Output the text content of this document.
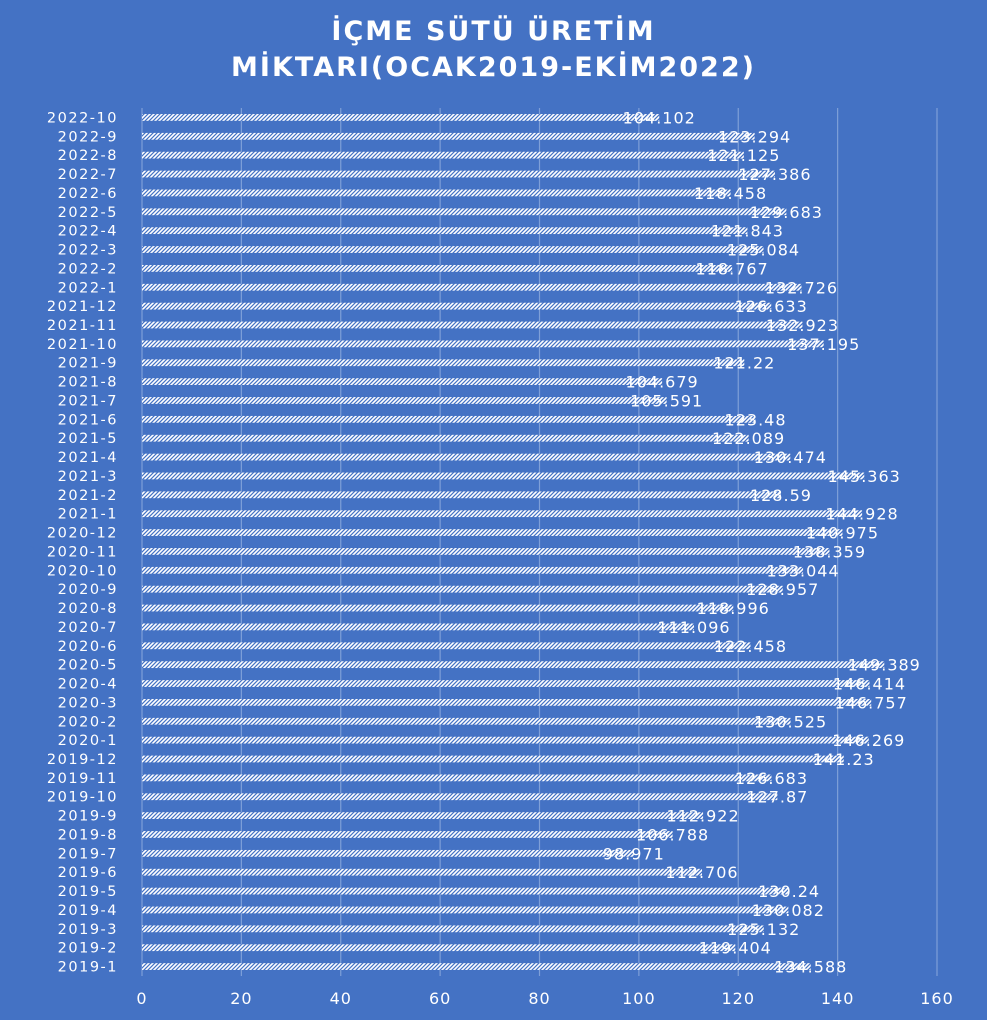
İÇME SÜTÜ ÜRETİM
MİKTARI(OCAK2019-EKİM2022)
2019-1
2019-2
2019-3
2019-4
2019-5
2019-6
2019-7
2019-8
2019-9
2019-10
2019-11
2019-12
2020-1
2020-2
2020-3
2020-4
2020-5
2020-6
2020-7
2020-8
2020-9
2020-10
2020-11
2020-12
2021-1
2021-2
2021-3
2021-4
2021-5
2021-6
2021-7
2021-8
2021-9
2021-10
2021-11
2021-12
2022-1
2022-2
2022-3
2022-4
2022-5
2022-6
2022-7
2022-8
2022-9
2022-10
134.588
119.404
125.132
130.082
130.24
112.706
98.971
106.788
112.922
127.87
126.683
141.23
146.269
130.525
146.757
146.414
149.389
122.458
111.096
118.996
128.957
133.044
138.359
140.975
144.928
128.59
145.363
130.474
122.089
123.48
105.591
104.679
121.22
137.195
132.923
126.633
132.726
118.767
125.084
121.843
129.683
118.458
127.386
121.125
123.294
104.102
0	20	40	60	80	100	120	140	160
